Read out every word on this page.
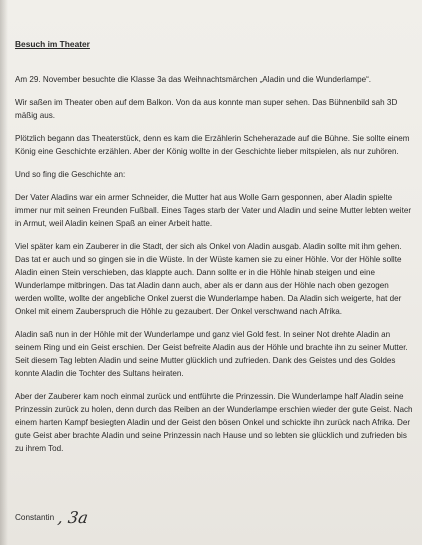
Besuch im Theater
Am 29. November besuchte die Klasse 3a das Weihnachtsmärchen „Aladin und die Wunderlampe“.
Wir saßen im Theater oben auf dem Balkon. Von da aus konnte man super sehen. Das Bühnenbild sah 3D mäßig aus.
Plötzlich begann das Theaterstück, denn es kam die Erzählerin Scheherazade auf die Bühne. Sie sollte einem König eine Geschichte erzählen. Aber der König wollte in der Geschichte lieber mitspielen, als nur zuhören.
Und so fing die Geschichte an:
Der Vater Aladins war ein armer Schneider, die Mutter hat aus Wolle Garn gesponnen, aber Aladin spielte immer nur mit seinen Freunden Fußball. Eines Tages starb der Vater und Aladin und seine Mutter lebten weiter in Armut, weil Aladin keinen Spaß an einer Arbeit hatte.
Viel später kam ein Zauberer in die Stadt, der sich als Onkel von Aladin ausgab. Aladin sollte mit ihm gehen. Das tat er auch und so gingen sie in die Wüste. In der Wüste kamen sie zu einer Höhle. Vor der Höhle sollte Aladin einen Stein verschieben, das klappte auch. Dann sollte er in die Höhle hinab steigen und eine Wunderlampe mitbringen. Das tat Aladin dann auch, aber als er dann aus der Höhle nach oben gezogen werden wollte, wollte der angebliche Onkel zuerst die Wunderlampe haben. Da Aladin sich weigerte, hat der Onkel mit einem Zauberspruch die Höhle zu gezaubert. Der Onkel verschwand nach Afrika.
Aladin saß nun in der Höhle mit der Wunderlampe und ganz viel Gold fest. In seiner Not drehte Aladin an seinem Ring und ein Geist erschien. Der Geist befreite Aladin aus der Höhle und brachte ihn zu seiner Mutter. Seit diesem Tag lebten Aladin und seine Mutter glücklich und zufrieden. Dank des Geistes und des Goldes konnte Aladin die Tochter des Sultans heiraten.
Aber der Zauberer kam noch einmal zurück und entführte die Prinzessin. Die Wunderlampe half Aladin seine Prinzessin zurück zu holen, denn durch das Reiben an der Wunderlampe erschien wieder der gute Geist. Nach einem harten Kampf besiegten Aladin und der Geist den bösen Onkel und schickte ihn zurück nach Afrika. Der gute Geist aber brachte Aladin und seine Prinzessin nach Hause und so lebten sie glücklich und zufrieden bis zu ihrem Tod.
Constantin , 3a
